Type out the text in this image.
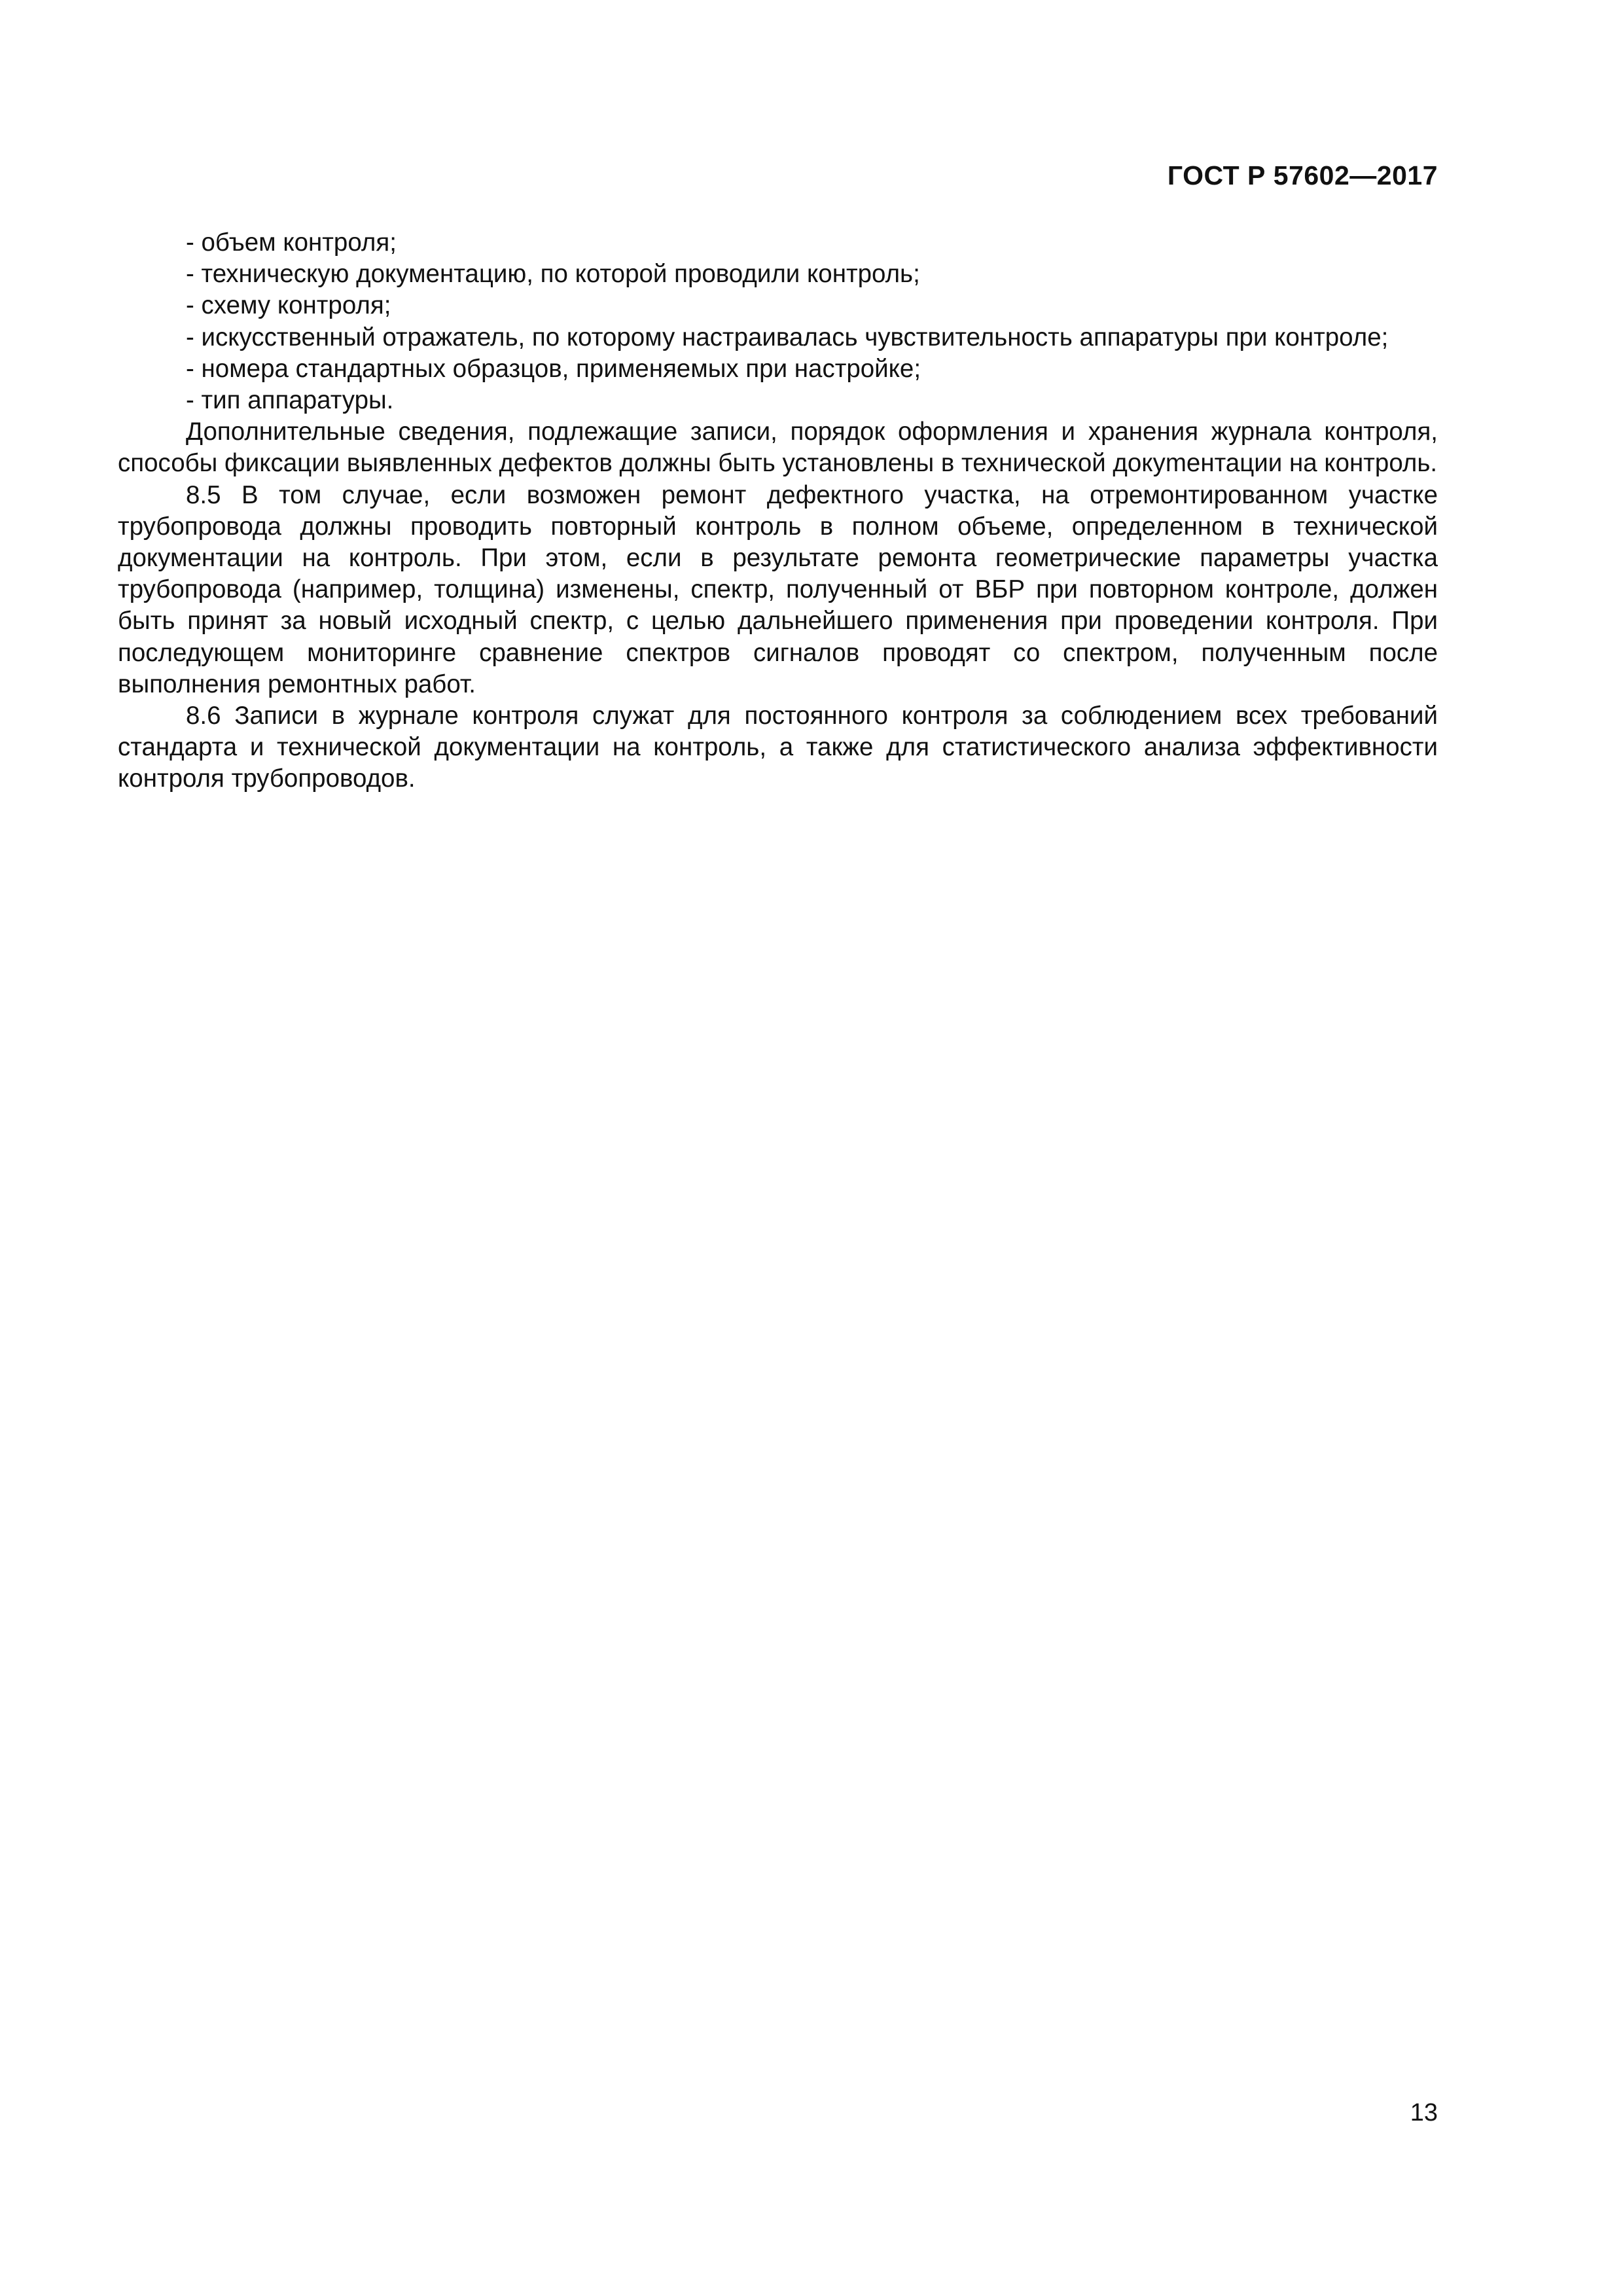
ГОСТ Р 57602—2017

- объем контроля;

- техническую документацию, по которой проводили контроль;

- схему контроля;

- искусственный отражатель, по которому настраивалась чувствительность аппаратуры при контроле;

- номера стандартных образцов, применяемых при настройке;

- тип аппаратуры.

Дополнительные сведения, подлежащие записи, порядок оформления и хранения журнала контроля, способы фиксации выявленных дефектов должны быть установлены в технической докуmентации на контроль.

8.5 В том случае, если возможен ремонт дефектного участка, на отремонтированном участке трубопровода должны проводить повторный контроль в полном объеме, определенном в технической документации на контроль. При этом, если в результате ремонта геометрические параметры участка трубопровода (например, толщина) изменены, спектр, полученный от ВБР при повторном контроле, должен быть принят за новый исходный спектр, с целью дальнейшего применения при проведении контроля. При последующем мониторинге сравнение спектров сигналов проводят со спектром, полученным после выполнения ремонтных работ.

8.6 Записи в журнале контроля служат для постоянного контроля за соблюдением всех требований стандарта и технической документации на контроль, а также для статистического анализа эффективности контроля трубопроводов.

13
